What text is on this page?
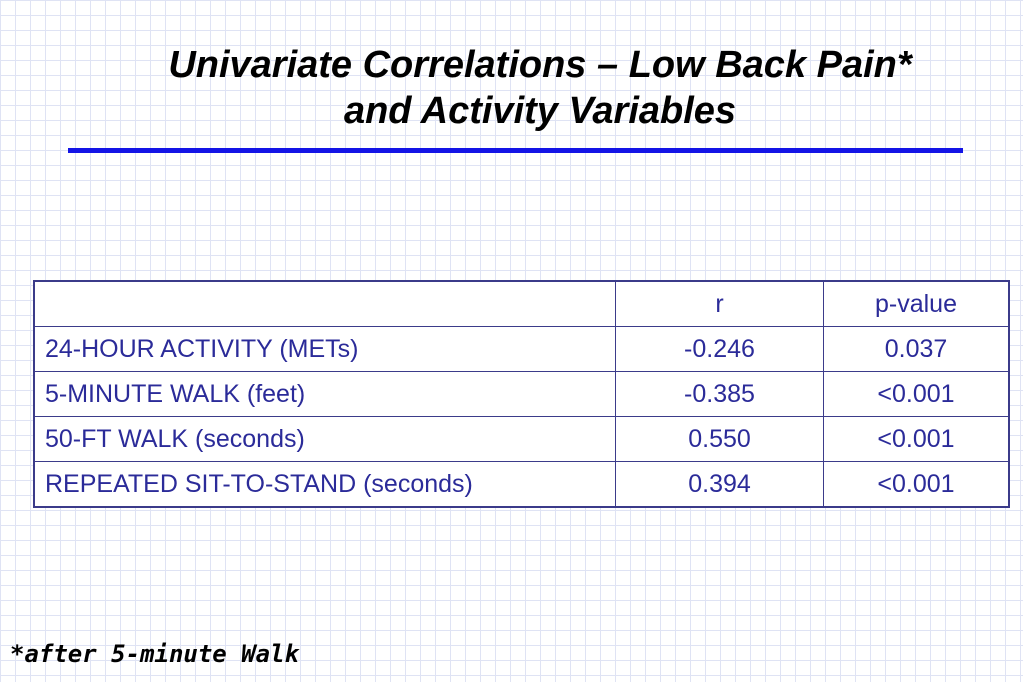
Univariate Correlations – Low Back Pain*
and Activity Variables
	r	p-value
24-HOUR ACTIVITY (METs)	-0.246	0.037
5-MINUTE WALK (feet)	-0.385	<0.001
50-FT WALK (seconds)	0.550	<0.001
REPEATED SIT-TO-STAND (seconds)	0.394	<0.001

*after 5-minute Walk
